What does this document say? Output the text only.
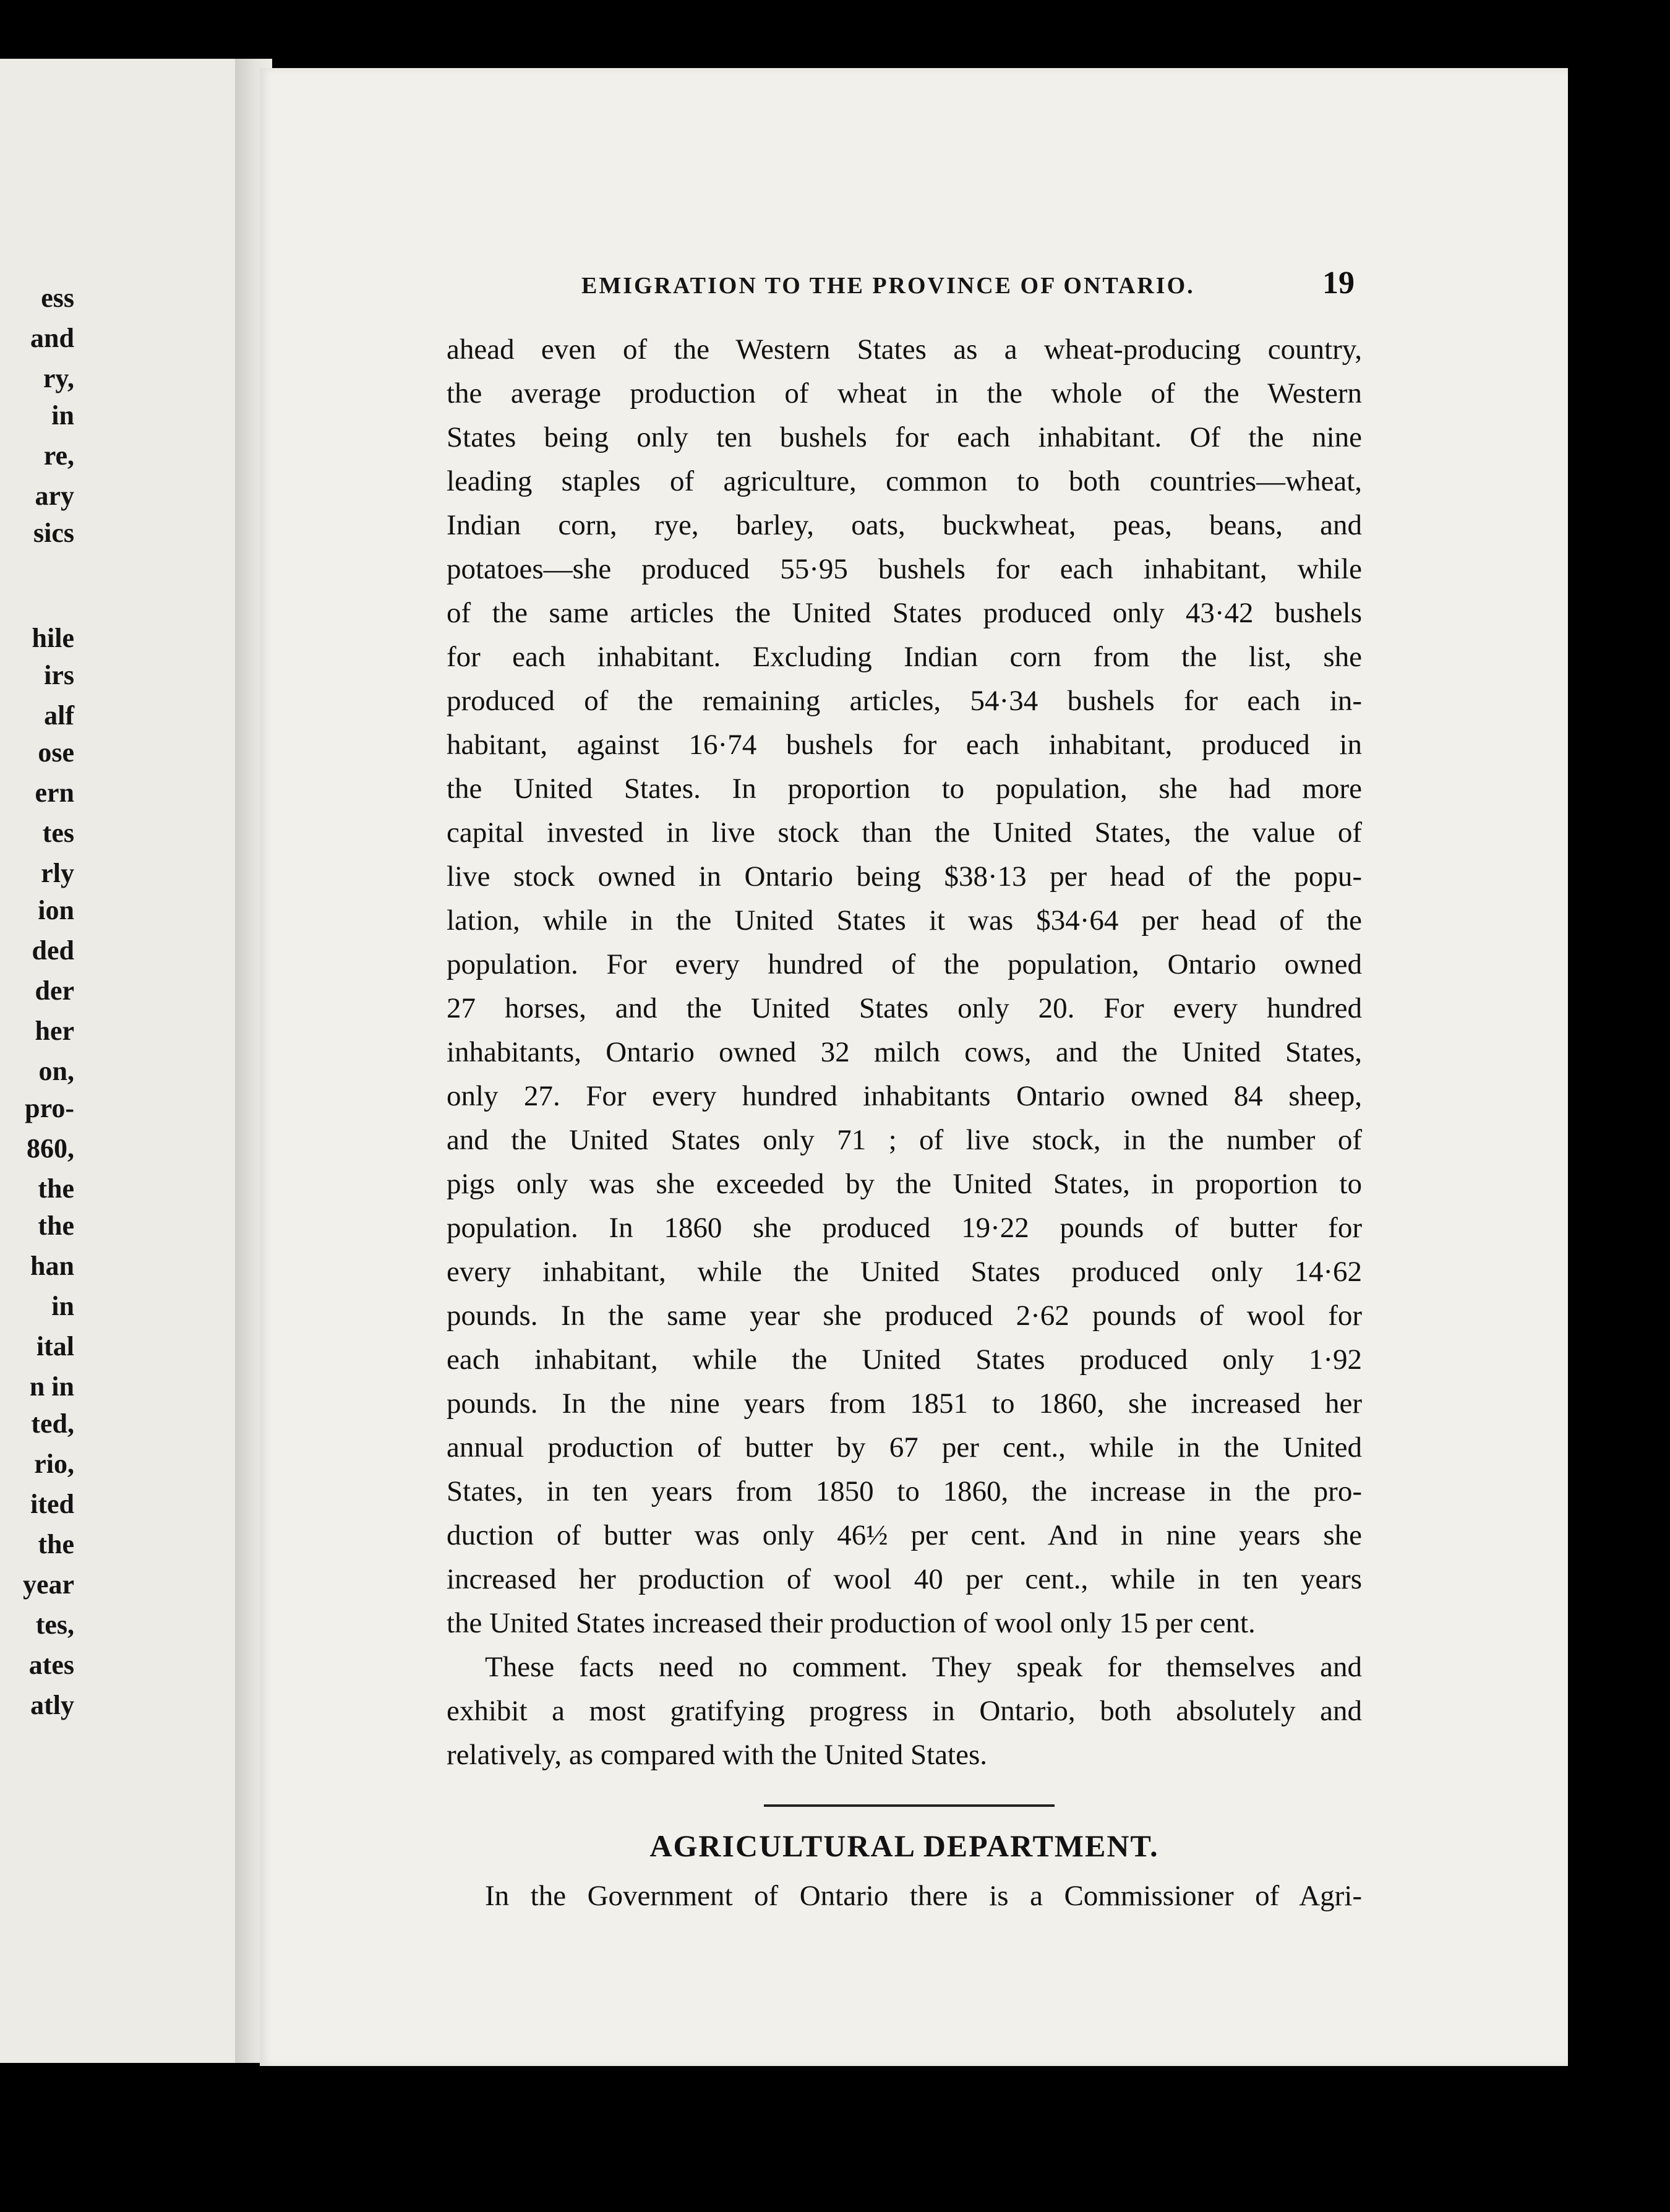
ess
and
ry,
in
re,
ary
sics
hile
irs
alf
ose
ern
tes
rly
ion
ded
der
her
on,
pro-
860,
the
the
han
in
ital
n in
ted,
rio,
ited
the
year
tes,
ates
atly
EMIGRATION TO THE PROVINCE OF ONTARIO.	19
ahead even of the Western States as a wheat-producing country,
the average production of wheat in the whole of the Western
States being only ten bushels for each inhabitant. Of the nine
leading staples of agriculture, common to both countries—wheat,
Indian corn, rye, barley, oats, buckwheat, peas, beans, and
potatoes—she produced 55·95 bushels for each inhabitant, while
of the same articles the United States produced only 43·42 bushels
for each inhabitant. Excluding Indian corn from the list, she
produced of the remaining articles, 54·34 bushels for each in-
habitant, against 16·74 bushels for each inhabitant, produced in
the United States. In proportion to population, she had more
capital invested in live stock than the United States, the value of
live stock owned in Ontario being $38·13 per head of the popu-
lation, while in the United States it was $34·64 per head of the
population. For every hundred of the population, Ontario owned
27 horses, and the United States only 20. For every hundred
inhabitants, Ontario owned 32 milch cows, and the United States,
only 27. For every hundred inhabitants Ontario owned 84 sheep,
and the United States only 71 ; of live stock, in the number of
pigs only was she exceeded by the United States, in proportion to
population. In 1860 she produced 19·22 pounds of butter for
every inhabitant, while the United States produced only 14·62
pounds. In the same year she produced 2·62 pounds of wool for
each inhabitant, while the United States produced only 1·92
pounds. In the nine years from 1851 to 1860, she increased her
annual production of butter by 67 per cent., while in the United
States, in ten years from 1850 to 1860, the increase in the pro-
duction of butter was only 46½ per cent. And in nine years she
increased her production of wool 40 per cent., while in ten years
the United States increased their production of wool only 15 per cent.
These facts need no comment. They speak for themselves and
exhibit a most gratifying progress in Ontario, both absolutely and
relatively, as compared with the United States.
AGRICULTURAL DEPARTMENT.
In the Government of Ontario there is a Commissioner of Agri-
